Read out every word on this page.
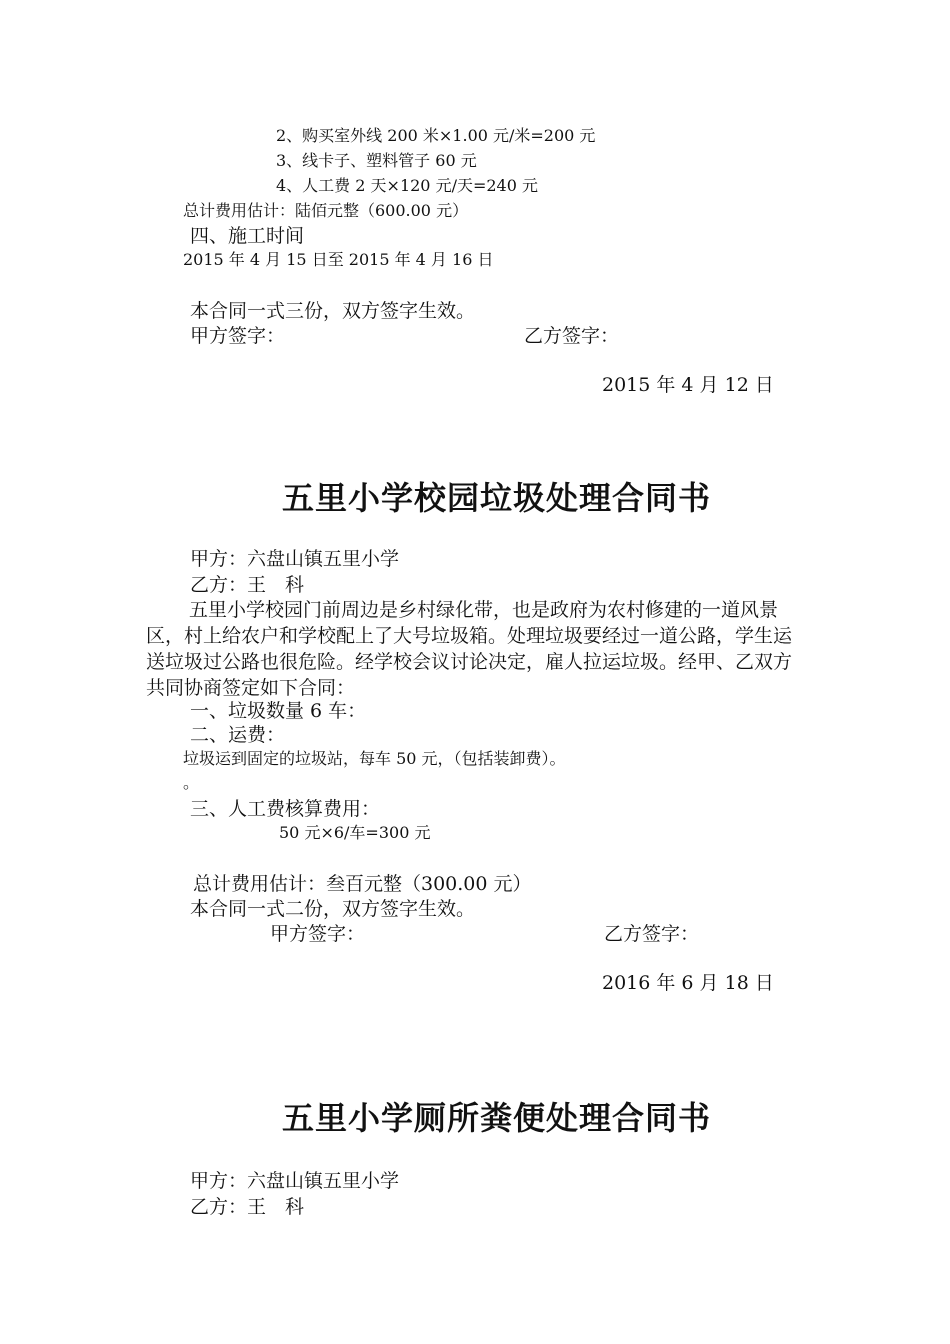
2、购买室外线 200 米×1.00 元/米=200 元
3、线卡子、塑料管子 60 元
4、人工费 2 天×120 元/天=240 元
总计费用估计：陆佰元整（600.00 元）
四、施工时间
2015 年 4 月 15 日至 2015 年 4 月 16 日
本合同一式三份，双方签字生效。
甲方签字：	乙方签字：
2015 年 4 月 12 日
五里小学校园垃圾处理合同书
甲方：六盘山镇五里小学
乙方：王　科
五里小学校园门前周边是乡村绿化带，也是政府为农村修建的一道风景区，村上给农户和学校配上了大号垃圾箱。处理垃圾要经过一道公路，学生运送垃圾过公路也很危险。经学校会议讨论决定，雇人拉运垃圾。经甲、乙双方共同协商签定如下合同：
一、垃圾数量 6 车：
二、运费：
垃圾运到固定的垃圾站，每车 50 元，（包括装卸费）。
。
三、人工费核算费用：
50 元×6/车=300 元
总计费用估计：叁百元整（300.00 元）
本合同一式二份，双方签字生效。
甲方签字：	乙方签字：
2016 年 6 月 18 日
五里小学厕所粪便处理合同书
甲方：六盘山镇五里小学
乙方：王　科
